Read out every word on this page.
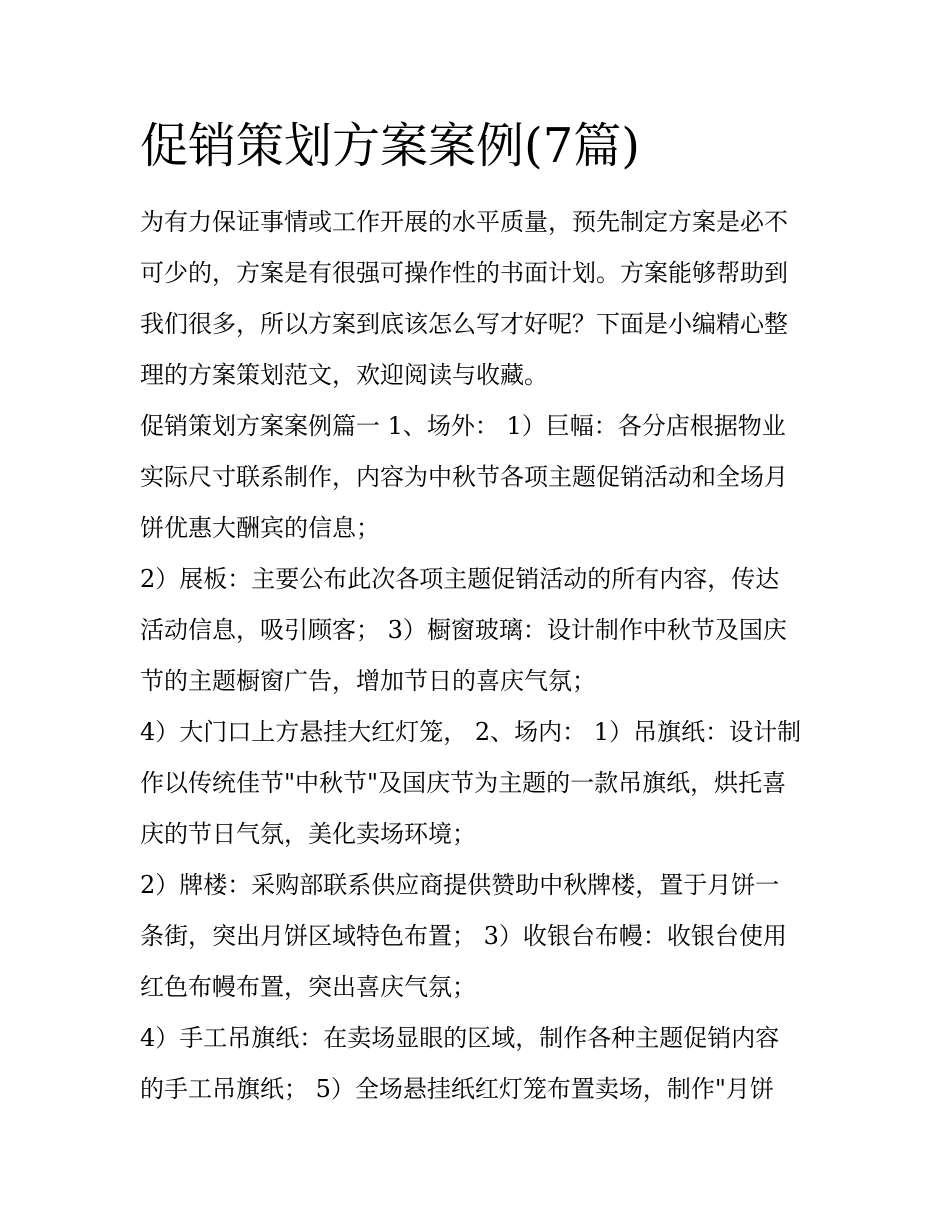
促销策划方案案例(7篇)
为有力保证事情或工作开展的水平质量，预先制定方案是必不
可少的，方案是有很强可操作性的书面计划。方案能够帮助到
我们很多，所以方案到底该怎么写才好呢？下面是小编精心整
理的方案策划范文，欢迎阅读与收藏。
促销策划方案案例篇一 1、场外： 1）巨幅：各分店根据物业
实际尺寸联系制作，内容为中秋节各项主题促销活动和全场月
饼优惠大酬宾的信息；
2）展板：主要公布此次各项主题促销活动的所有内容，传达
活动信息，吸引顾客； 3）橱窗玻璃：设计制作中秋节及国庆
节的主题橱窗广告，增加节日的喜庆气氛；
4）大门口上方悬挂大红灯笼， 2、场内： 1）吊旗纸：设计制
作以传统佳节"中秋节"及国庆节为主题的一款吊旗纸，烘托喜
庆的节日气氛，美化卖场环境；
2）牌楼：采购部联系供应商提供赞助中秋牌楼，置于月饼一
条街，突出月饼区域特色布置； 3）收银台布幔：收银台使用
红色布幔布置，突出喜庆气氛；
4）手工吊旗纸：在卖场显眼的区域，制作各种主题促销内容
的手工吊旗纸； 5）全场悬挂纸红灯笼布置卖场，制作"月饼
